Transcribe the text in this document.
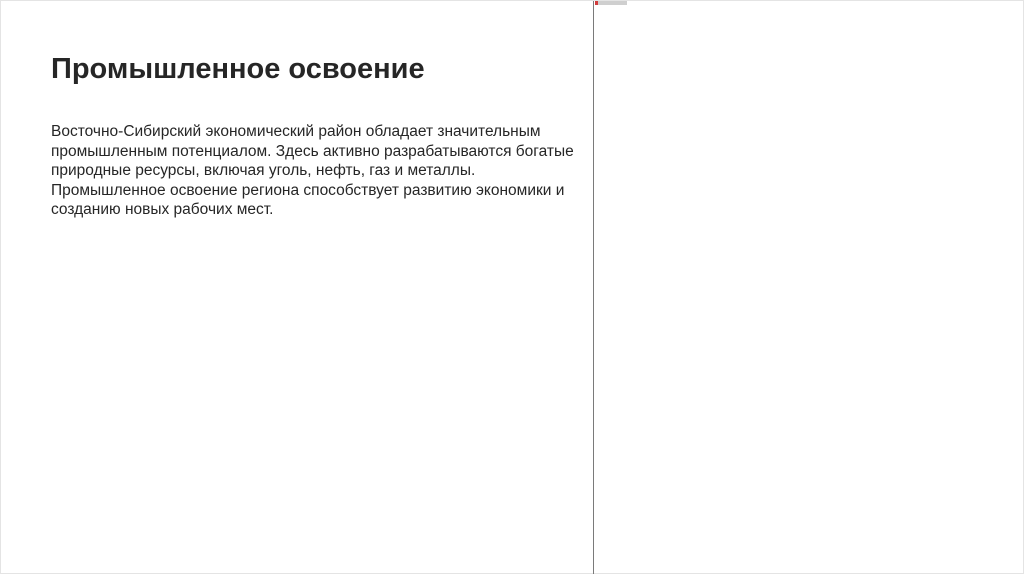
Промышленное освоение

Восточно-Сибирский экономический район обладает значительным
промышленным потенциалом. Здесь активно разрабатываются богатые
природные ресурсы, включая уголь, нефть, газ и металлы.
Промышленное освоение региона способствует развитию экономики и
созданию новых рабочих мест.
